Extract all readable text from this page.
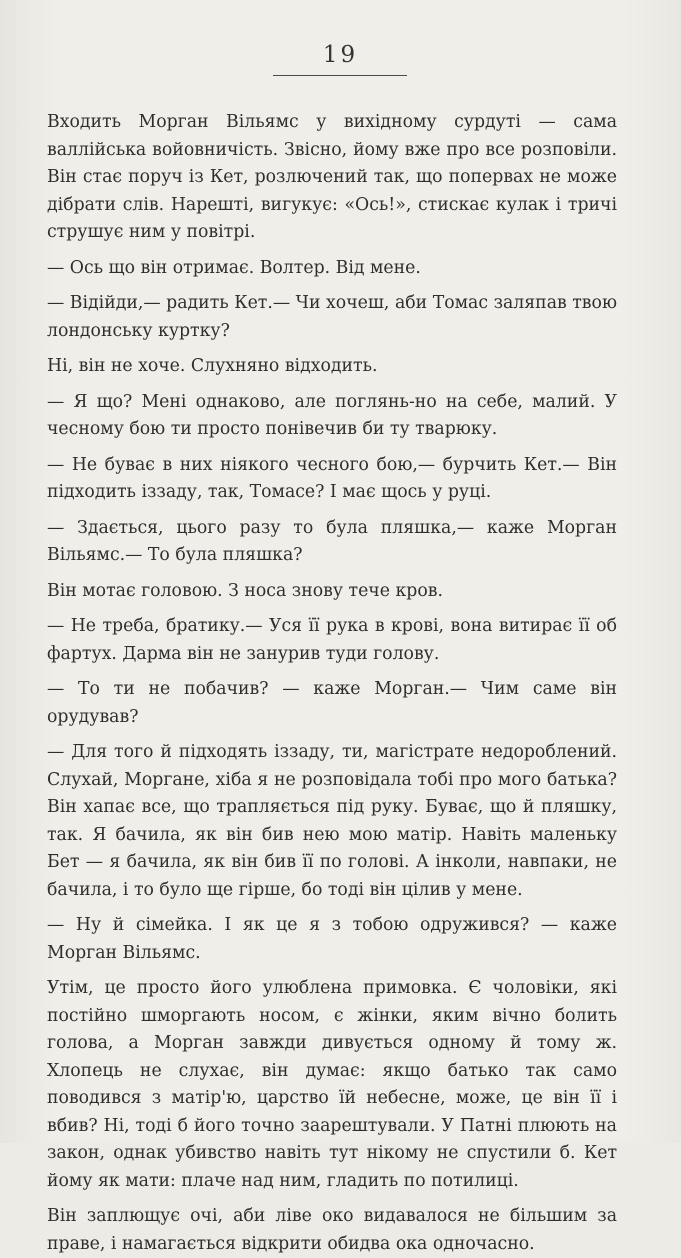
19

Входить Морган Вільямс у вихідному сурдуті — сама валлійська войовничість. Звісно, йому вже про все розповіли. Він стає поруч із Кет, розлючений так, що поперваx не може дібрати слів. Нарешті, вигукує: «Ось!», стискає кулак і тричі струшує ним у повітрі.

— Ось що він отримає. Волтер. Від мене.

— Відійди,— радить Кет.— Чи хочеш, аби Томас заляпав твою лондонську куртку?

Ні, він не хоче. Слухняно відходить.

— Я що? Мені однаково, але поглянь-но на себе, малий. У чесному бою ти просто понівечив би ту тварюку.

— Не буває в них ніякого чесного бою,— бурчить Кет.— Він підходить іззаду, так, Томасе? І має щось у руці.

— Здається, цього разу то була пляшка,— каже Морган Вільямс.— То була пляшка?

Він мотає головою. З носа знову тече кров.

— Не треба, братику.— Уся її рука в крові, вона витирає її об фартух. Дарма він не занурив туди голову.

— То ти не побачив? — каже Морган.— Чим саме він орудував?

— Для того й підходять іззаду, ти, магістрате недороблений. Слухай, Моргане, хіба я не розповідала тобі про мого батька? Він хапає все, що трапляється під руку. Буває, що й пляшку, так. Я бачила, як він бив нею мою матір. Навіть маленьку Бет — я бачила, як він бив її по голові. А інколи, навпаки, не бачила, і то було ще гірше, бо тоді він цілив у мене.

— Ну й сімейка. І як це я з тобою одружився? — каже Морган Вільямс.

Утім, це просто його улюблена примовка. Є чоловіки, які постійно шморгають носом, є жінки, яким вічно болить голова, а Морган завжди дивується одному й тому ж. Хлопець не слухає, він думає: якщо батько так само поводився з матір'ю, царство їй небесне, може, це він її і вбив? Ні, тоді б його точно заарештували. У Патні плюють на закон, однак убивство навіть тут нікому не спустили б. Кет йому як мати: плаче над ним, гладить по потилиці.

Він заплющує очі, аби ліве око видавалося не більшим за праве, і намагається відкрити обидва ока одночасно.
